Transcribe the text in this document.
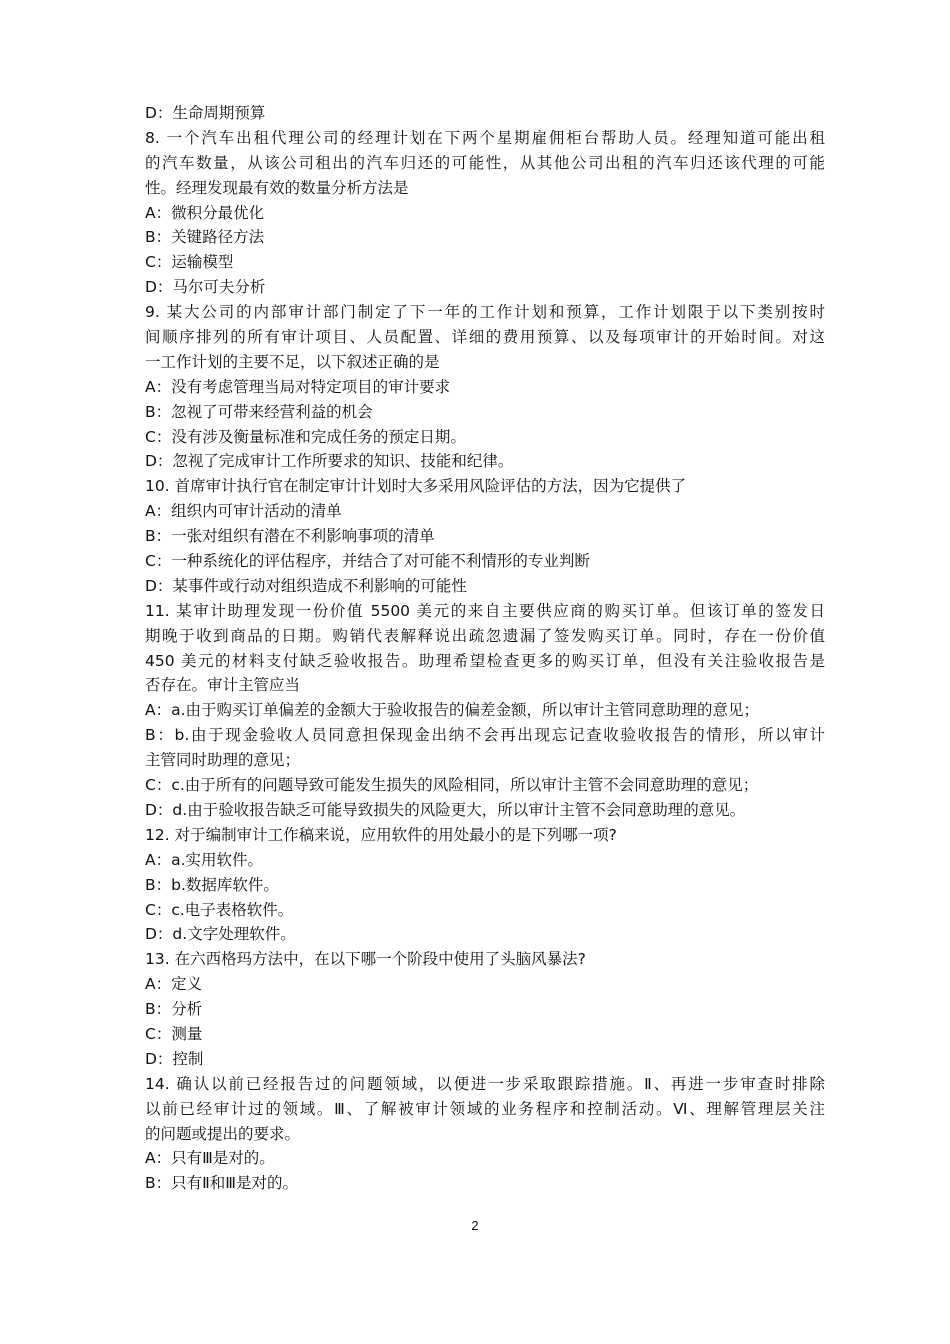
D：生命周期预算
8. 一个汽车出租代理公司的经理计划在下两个星期雇佣柜台帮助人员。经理知道可能出租
的汽车数量，从该公司租出的汽车归还的可能性，从其他公司出租的汽车归还该代理的可能
性。经理发现最有效的数量分析方法是
A：微积分最优化
B：关键路径方法
C：运输模型
D：马尔可夫分析
9. 某大公司的内部审计部门制定了下一年的工作计划和预算，工作计划限于以下类别按时
间顺序排列的所有审计项目、人员配置、详细的费用预算、以及每项审计的开始时间。对这
一工作计划的主要不足，以下叙述正确的是
A：没有考虑管理当局对特定项目的审计要求
B：忽视了可带来经营利益的机会
C：没有涉及衡量标准和完成任务的预定日期。
D：忽视了完成审计工作所要求的知识、技能和纪律。
10. 首席审计执行官在制定审计计划时大多采用风险评估的方法，因为它提供了
A：组织内可审计活动的清单
B：一张对组织有潜在不利影响事项的清单
C：一种系统化的评估程序，并结合了对可能不利情形的专业判断
D：某事件或行动对组织造成不利影响的可能性
11. 某审计助理发现一份价值 5500 美元的来自主要供应商的购买订单。但该订单的签发日
期晚于收到商品的日期。购销代表解释说出疏忽遗漏了签发购买订单。同时，存在一份价值
450 美元的材料支付缺乏验收报告。助理希望检查更多的购买订单，但没有关注验收报告是
否存在。审计主管应当
A：a.由于购买订单偏差的金额大于验收报告的偏差金额，所以审计主管同意助理的意见；
B：b.由于现金验收人员同意担保现金出纳不会再出现忘记查收验收报告的情形，所以审计
主管同时助理的意见；
C：c.由于所有的问题导致可能发生损失的风险相同，所以审计主管不会同意助理的意见；
D：d.由于验收报告缺乏可能导致损失的风险更大，所以审计主管不会同意助理的意见。
12. 对于编制审计工作稿来说，应用软件的用处最小的是下列哪一项?
A：a.实用软件。
B：b.数据库软件。
C：c.电子表格软件。
D：d.文字处理软件。
13. 在六西格玛方法中，在以下哪一个阶段中使用了头脑风暴法?
A：定义
B：分析
C：测量
D：控制
14. 确认以前已经报告过的问题领域，以便进一步采取跟踪措施。Ⅱ、再进一步审查时排除
以前已经审计过的领域。Ⅲ、了解被审计领域的业务程序和控制活动。Ⅵ、理解管理层关注
的问题或提出的要求。
A：只有Ⅲ是对的。
B：只有Ⅱ和Ⅲ是对的。
2
